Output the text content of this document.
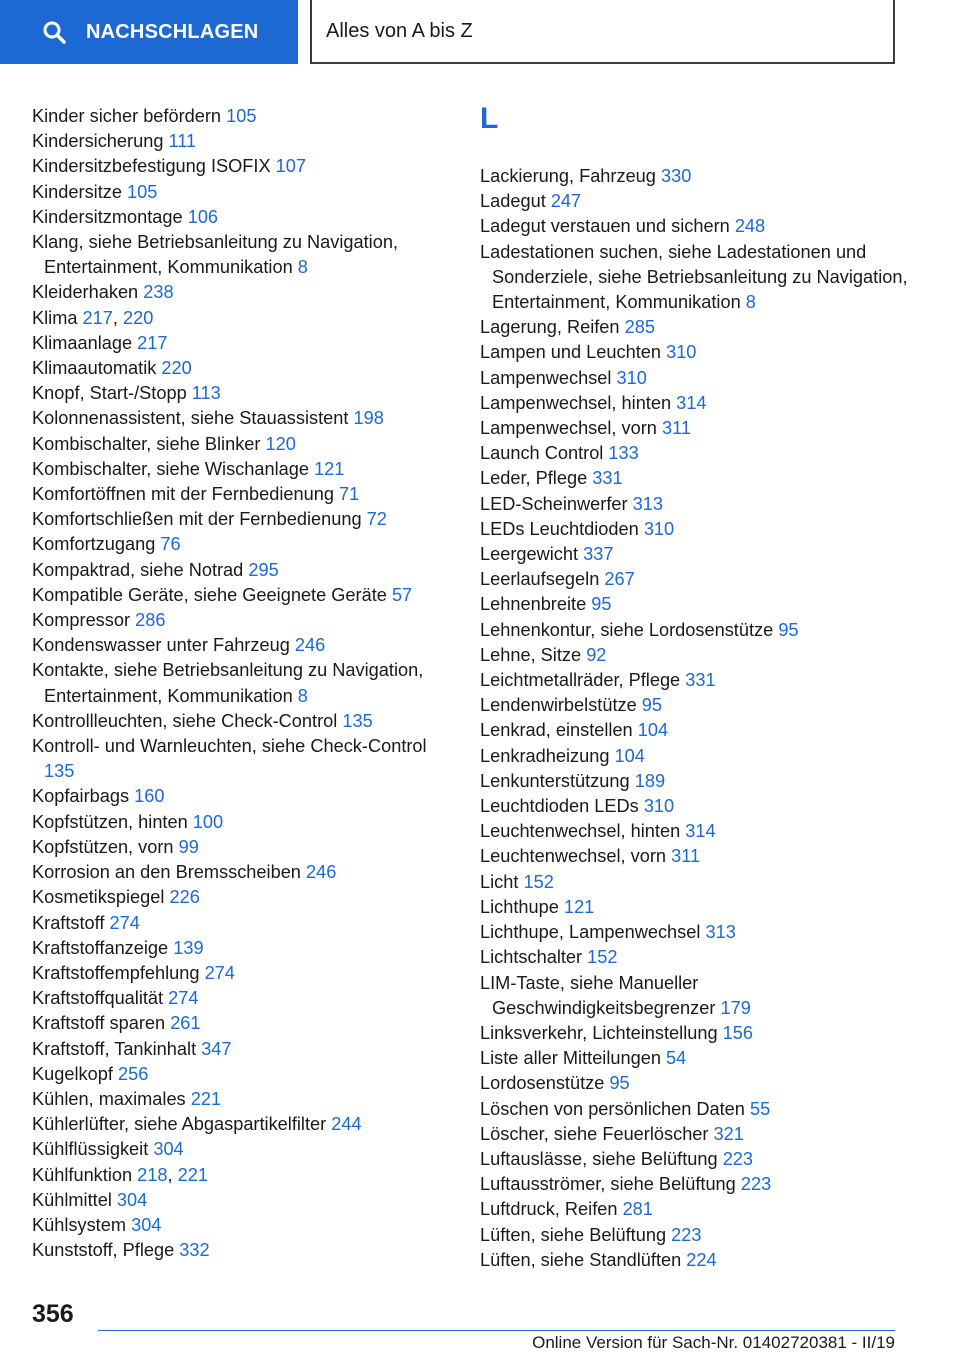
NACHSCHLAGEN	Alles von A bis Z
Kinder sicher befördern 105
Kindersicherung 111
Kindersitzbefestigung ISOFIX 107
Kindersitze 105
Kindersitzmontage 106
Klang, siehe Betriebsanleitung zu Navigation, Entertainment, Kommunikation 8
Kleiderhaken 238
Klima 217, 220
Klimaanlage 217
Klimaautomatik 220
Knopf, Start-/Stopp 113
Kolonnenassistent, siehe Stauassistent 198
Kombischalter, siehe Blinker 120
Kombischalter, siehe Wischanlage 121
Komfortöffnen mit der Fernbedienung 71
Komfortschließen mit der Fernbedienung 72
Komfortzugang 76
Kompaktrad, siehe Notrad 295
Kompatible Geräte, siehe Geeignete Geräte 57
Kompressor 286
Kondenswasser unter Fahrzeug 246
Kontakte, siehe Betriebsanleitung zu Navigation, Entertainment, Kommunikation 8
Kontrollleuchten, siehe Check-Control 135
Kontroll- und Warnleuchten, siehe Check-Control 135
Kopfairbags 160
Kopfstützen, hinten 100
Kopfstützen, vorn 99
Korrosion an den Bremsscheiben 246
Kosmetikspiegel 226
Kraftstoff 274
Kraftstoffanzeige 139
Kraftstoffempfehlung 274
Kraftstoffqualität 274
Kraftstoff sparen 261
Kraftstoff, Tankinhalt 347
Kugelkopf 256
Kühlen, maximales 221
Kühlerlüfter, siehe Abgaspartikelfilter 244
Kühlflüssigkeit 304
Kühlfunktion 218, 221
Kühlmittel 304
Kühlsystem 304
Kunststoff, Pflege 332
L
Lackierung, Fahrzeug 330
Ladegut 247
Ladegut verstauen und sichern 248
Ladestationen suchen, siehe Ladestationen und Sonderziele, siehe Betriebsanleitung zu Navigation, Entertainment, Kommunikation 8
Lagerung, Reifen 285
Lampen und Leuchten 310
Lampenwechsel 310
Lampenwechsel, hinten 314
Lampenwechsel, vorn 311
Launch Control 133
Leder, Pflege 331
LED-Scheinwerfer 313
LEDs Leuchtdioden 310
Leergewicht 337
Leerlaufsegeln 267
Lehnenbreite 95
Lehnenkontur, siehe Lordosenstütze 95
Lehne, Sitze 92
Leichtmetallräder, Pflege 331
Lendenwirbelstütze 95
Lenkrad, einstellen 104
Lenkradheizung 104
Lenkunterstützung 189
Leuchtdioden LEDs 310
Leuchtenwechsel, hinten 314
Leuchtenwechsel, vorn 311
Licht 152
Lichthupe 121
Lichthupe, Lampenwechsel 313
Lichtschalter 152
LIM-Taste, siehe Manueller Geschwindigkeitsbegrenzer 179
Linksverkehr, Lichteinstellung 156
Liste aller Mitteilungen 54
Lordosenstütze 95
Löschen von persönlichen Daten 55
Löscher, siehe Feuerlöscher 321
Luftauslässe, siehe Belüftung 223
Luftausströmer, siehe Belüftung 223
Luftdruck, Reifen 281
Lüften, siehe Belüftung 223
Lüften, siehe Standlüften 224
356
Online Version für Sach-Nr. 01402720381 - II/19
